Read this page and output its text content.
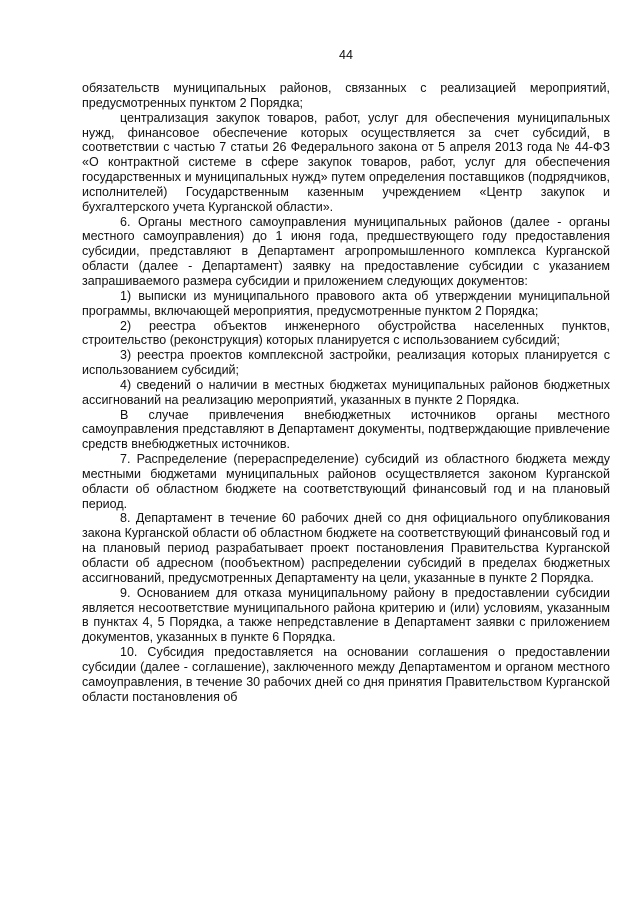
44

обязательств муниципальных районов, связанных с реализацией мероприятий, предусмотренных пунктом 2 Порядка;

централизация закупок товаров, работ, услуг для обеспечения муниципальных нужд, финансовое обеспечение которых осуществляется за счет субсидий, в соответствии с частью 7 статьи 26 Федерального закона от 5 апреля 2013 года № 44-ФЗ «О контрактной системе в сфере закупок товаров, работ, услуг для обеспечения государственных и муниципальных нужд» путем определения поставщиков (подрядчиков, исполнителей) Государственным казенным учреждением «Центр закупок и бухгалтерского учета Курганской области».

6. Органы местного самоуправления муниципальных районов (далее - органы местного самоуправления) до 1 июня года, предшествующего году предоставления субсидии, представляют в Департамент агропромышленного комплекса Курганской области (далее - Департамент) заявку на предоставление субсидии с указанием запрашиваемого размера субсидии и приложением следующих документов:

1) выписки из муниципального правового акта об утверждении муниципальной программы, включающей мероприятия, предусмотренные пунктом 2 Порядка;

2) реестра объектов инженерного обустройства населенных пунктов, строительство (реконструкция) которых планируется с использованием субсидий;

3) реестра проектов комплексной застройки, реализация которых планируется с использованием субсидий;

4) сведений о наличии в местных бюджетах муниципальных районов бюджетных ассигнований на реализацию мероприятий, указанных в пункте 2 Порядка.

В случае привлечения внебюджетных источников органы местного самоуправления представляют в Департамент документы, подтверждающие привлечение средств внебюджетных источников.

7. Распределение (перераспределение) субсидий из областного бюджета между местными бюджетами муниципальных районов осуществляется законом Курганской области об областном бюджете на соответствующий финансовый год и на плановый период.

8. Департамент в течение 60 рабочих дней со дня официального опубликования закона Курганской области об областном бюджете на соответствующий финансовый год и на плановый период разрабатывает проект постановления Правительства Курганской области об адресном (пообъектном) распределении субсидий в пределах бюджетных ассигнований, предусмотренных Департаменту на цели, указанные в пункте 2 Порядка.

9. Основанием для отказа муниципальному району в предоставлении субсидии является несоответствие муниципального района критерию и (или) условиям, указанным в пунктах 4, 5 Порядка, а также непредставление в Департамент заявки с приложением документов, указанных в пункте 6 Порядка.

10. Субсидия предоставляется на основании соглашения о предоставлении субсидии (далее - соглашение), заключенного между Департаментом и органом местного самоуправления, в течение 30 рабочих дней со дня принятия Правительством Курганской области постановления об
